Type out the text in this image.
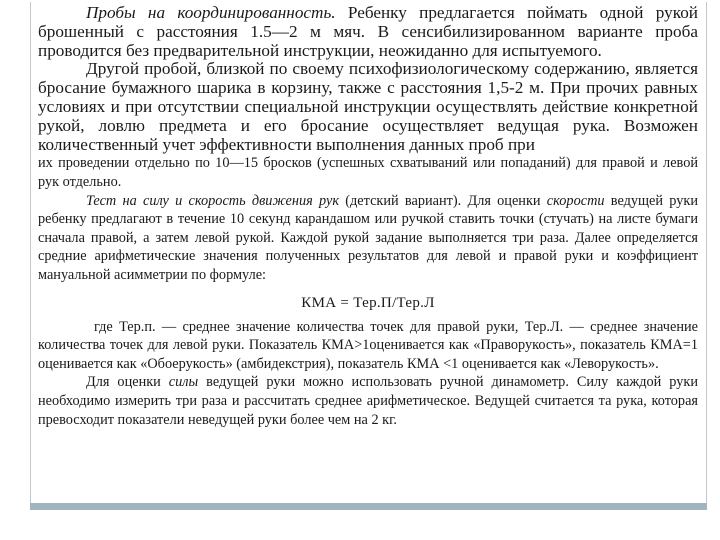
Пробы на координированность. Ребенку предлагается поймать одной рукой брошенный с расстояния 1.5—2 м мяч. В сенсибилизированном варианте проба проводится без предварительной инструкции, неожиданно для испытуемого.

Другой пробой, близкой по своему психофизиологическому содержанию, является бросание бумажного шарика в корзину, также с расстояния 1,5-2 м. При прочих равных условиях и при отсутствии специальной инструкции осуществлять действие конкретной рукой, ловлю предмета и его бросание осуществляет ведущая рука. Возможен количественный учет эффективности выполнения данных проб при

их проведении отдельно по 10—15 бросков (успешных схватываний или попаданий) для правой и левой рук отдельно.

Тест на силу и скорость движения рук (детский вариант). Для оценки скорости ведущей руки ребенку предлагают в течение 10 секунд карандашом или ручкой ставить точки (стучать) на листе бумаги сначала правой, а затем левой рукой. Каждой рукой задание выполняется три раза. Далее определяется средние арифметические значения полученных результатов для левой и правой руки и коэффициент мануальной асимметрии по формуле:

КМА = Тер.П/Тер.Л

где Тер.п. — среднее значение количества точек для правой руки, Тер.Л. — среднее значение количества точек для левой руки. Показатель КМА>1оценивается как «Праворукость», показатель КМА=1 оценивается как «Обоерукость» (амбидекстрия), показатель КМА <1 оценивается как «Леворукость».

Для оценки силы ведущей руки можно использовать ручной динамометр. Силу каждой руки необходимо измерить три раза и рассчитать среднее арифметическое. Ведущей считается та рука, которая превосходит показатели неведущей руки более чем на 2 кг.
